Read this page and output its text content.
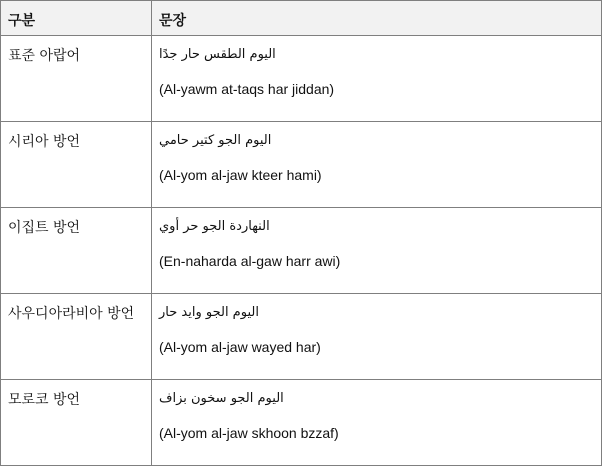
구분	문장

표준 아랍어	اليوم الطقس حار جدًا
(Al-yawm at-taqs har jiddan)

시리아 방언	اليوم الجو كتير حامي
(Al-yom al-jaw kteer hami)

이집트 방언	النهاردة الجو حر أوي
(En-naharda al-gaw harr awi)

사우디아라비아 방언	اليوم الجو وايد حار
(Al-yom al-jaw wayed har)

모로코 방언	اليوم الجو سخون بزاف
(Al-yom al-jaw skhoon bzzaf)
